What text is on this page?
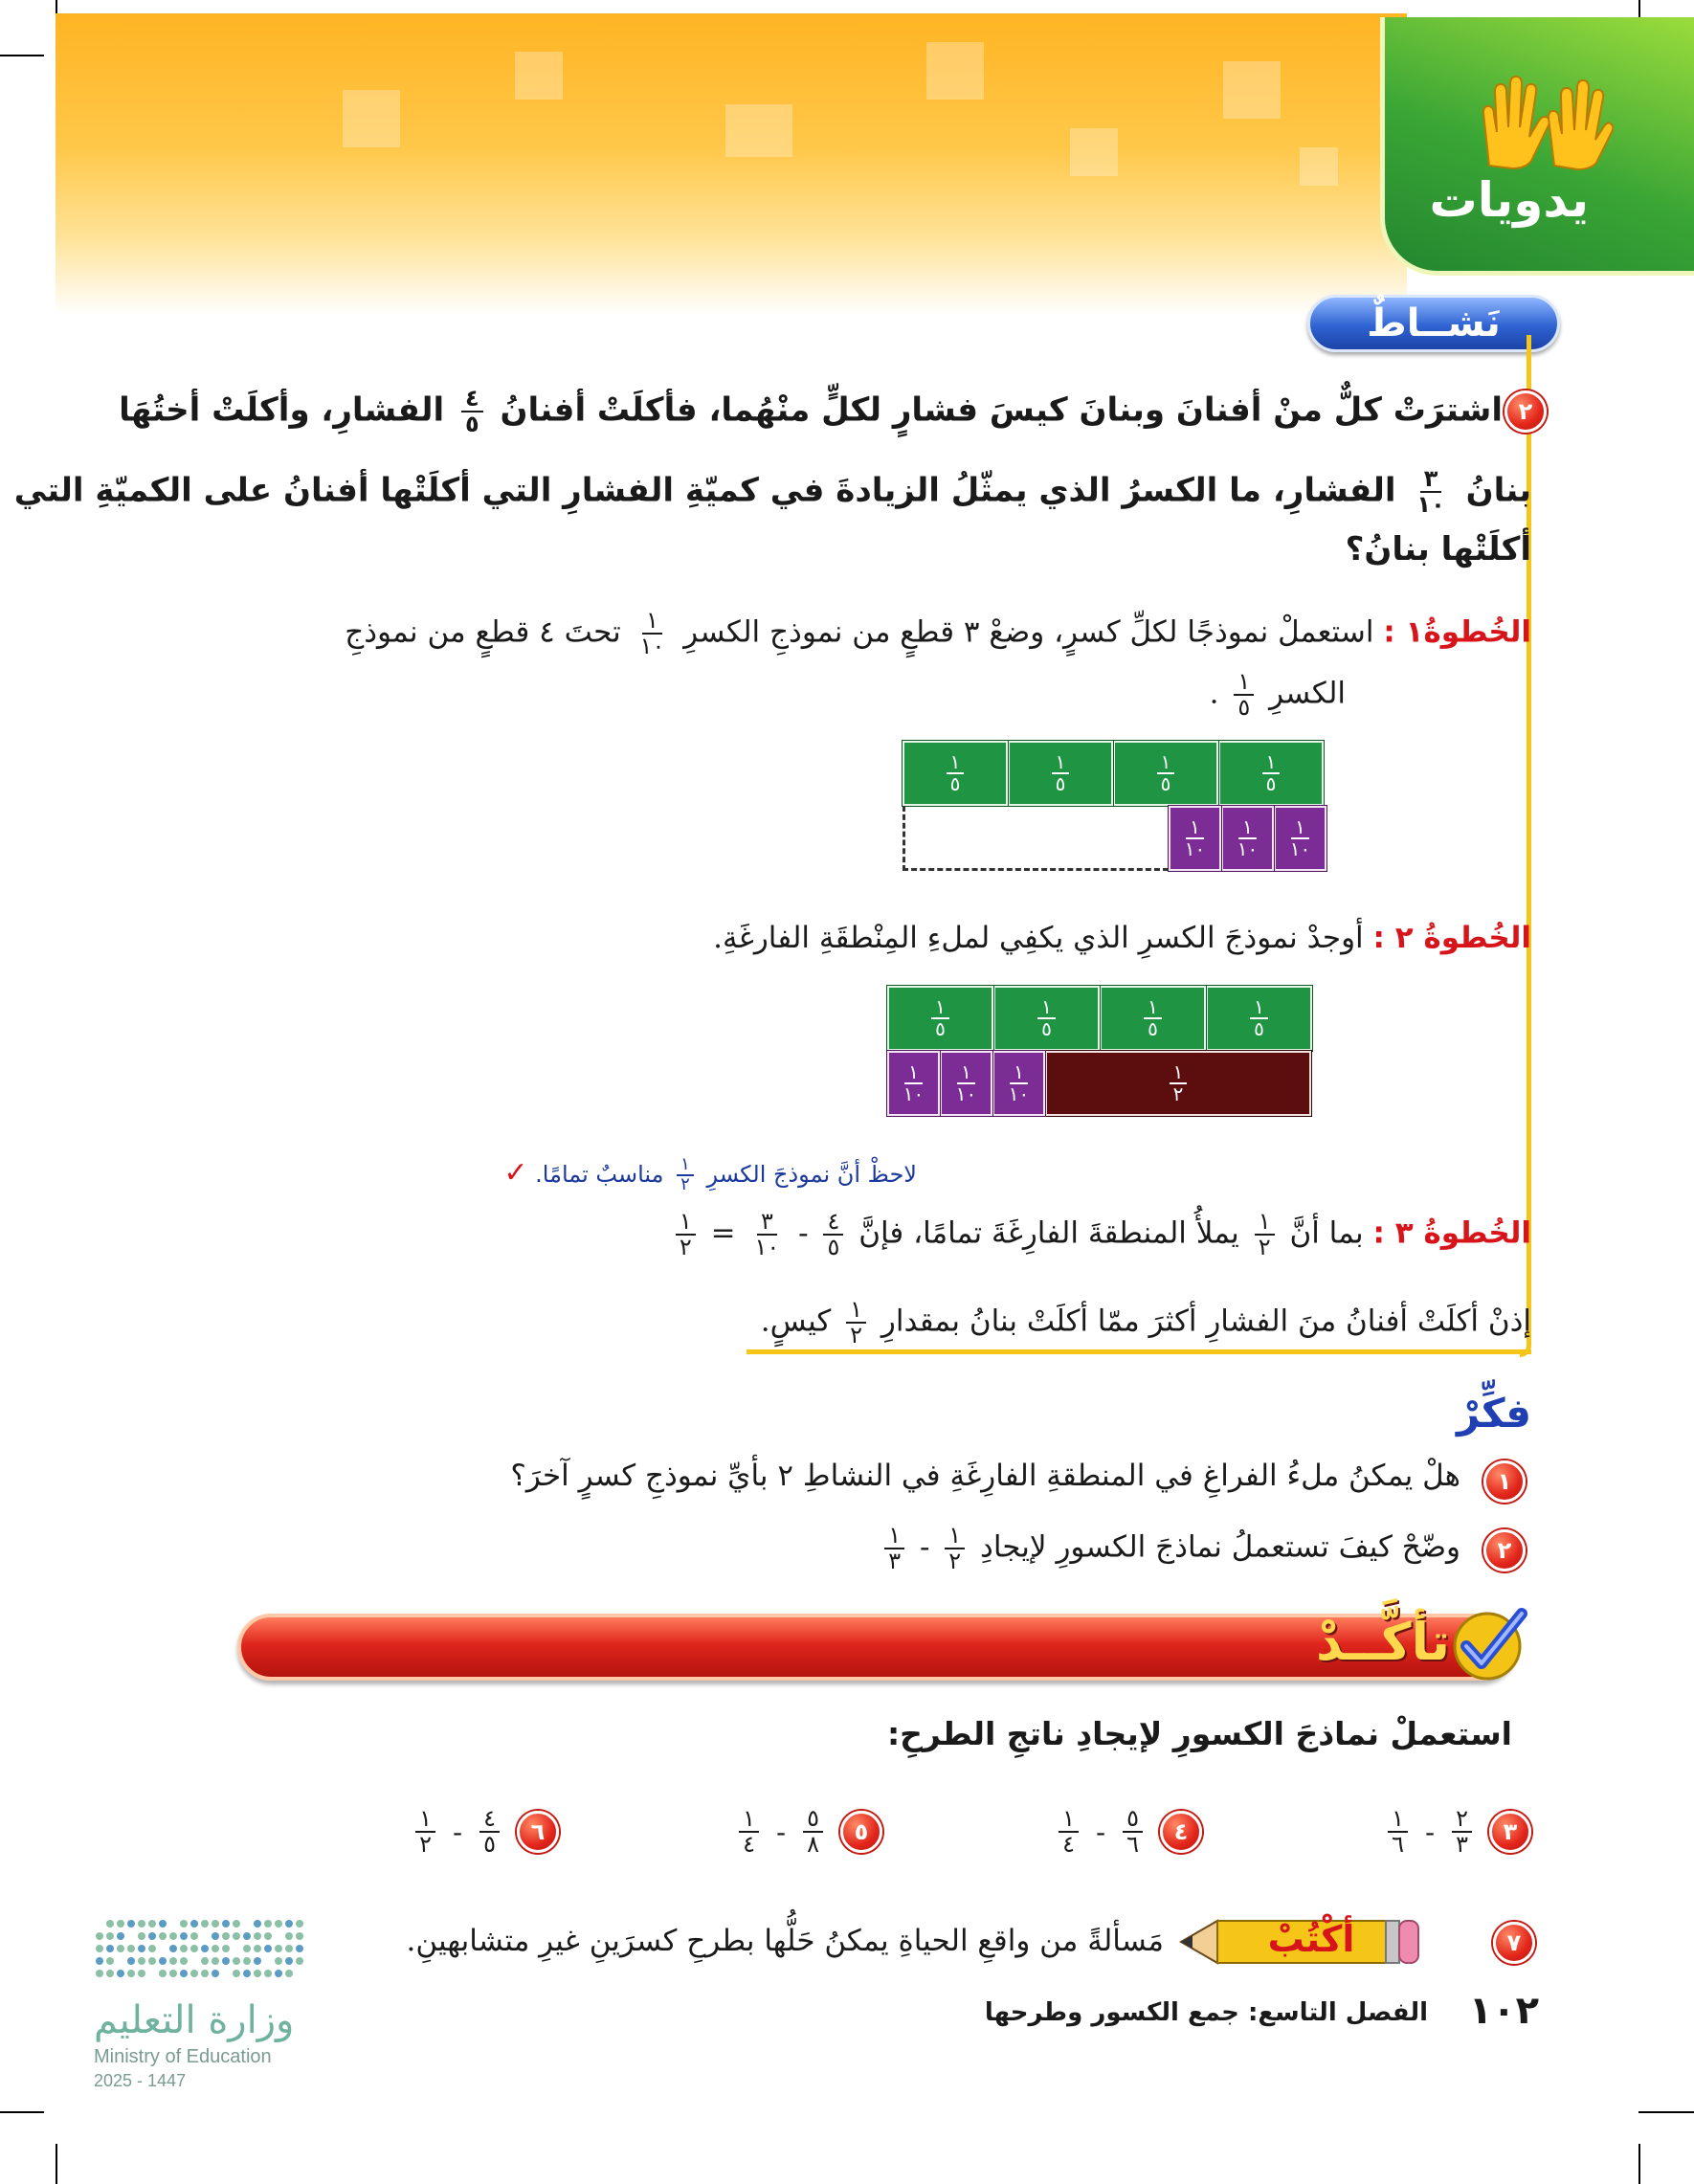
يدويات
نَشــاطٌ
٢
اشترَتْ كلٌّ منْ أفنانَ وبنانَ كيسَ فشارٍ لكلٍّ منْهُما، فأكلَتْ أفنانُ
٤
٥
الفشارِ، وأكلَتْ أختُهَا
بنانُ
٣
١٠
الفشارِ، ما الكسرُ الذي يمثّلُ الزيادةَ في كميّةِ الفشارِ التي أكلَتْها أفنانُ على الكميّةِ التي
أكلَتْها بنانُ؟
الخُطوةُ١ : استعملْ نموذجًا لكلِّ كسرٍ، وضعْ ٣ قطعٍ من نموذجِ الكسرِ
١
١٠
تحتَ ٤ قطعٍ من نموذجِ
الكسرِ
١
٥
.
١
٥
١
٥
١
٥
١
٥
١
١٠
١
١٠
١
١٠
الخُطوةُ ٢ : أوجدْ نموذجَ الكسرِ الذي يكفِي لملءِ المِنْطقَةِ الفارغَةِ.
١
٥
١
٥
١
٥
١
٥
١
٢
١
١٠
١
١٠
١
١٠
لاحظْ أنَّ نموذجَ الكسرِ
١
٢
مناسبٌ تمامًا. ✓
الخُطوةُ ٣ : بما أنَّ
١
٢
يملأُ المنطقةَ الفارِغَةَ تمامًا، فإنَّ
٤
٥
-
٣
١٠
=
١
٢
إذنْ أكلَتْ أفنانُ منَ الفشارِ أكثرَ ممّا أكلَتْ بنانُ بمقدارِ
١
٢
كيسٍ.
فكِّرْ
١
هلْ يمكنُ ملءُ الفراغِ في المنطقةِ الفارِغَةِ في النشاطِ ٢ بأيِّ نموذجِ كسرٍ آخرَ؟
٢
وضّحْ كيفَ تستعملُ نماذجَ الكسورِ لإيجادِ
١
٢
-
١
٣
تأكَّــدْ
استعملْ نماذجَ الكسورِ لإيجادِ ناتجِ الطرحِ:
٣
٢
٣
-
١
٦
٤
٥
٦
-
١
٤
٥
٥
٨
-
١
٤
٦
٤
٥
-
١
٢
٧
أكْتُبْ
مَسألةً من واقعِ الحياةِ يمكنُ حَلُّها بطرحِ كسرَينِ غيرِ متشابهينِ.
وزارة التعليم
Ministry of Education
2025 - 1447
١٠٢
الفصل التاسع: جمع الكسور وطرحها
